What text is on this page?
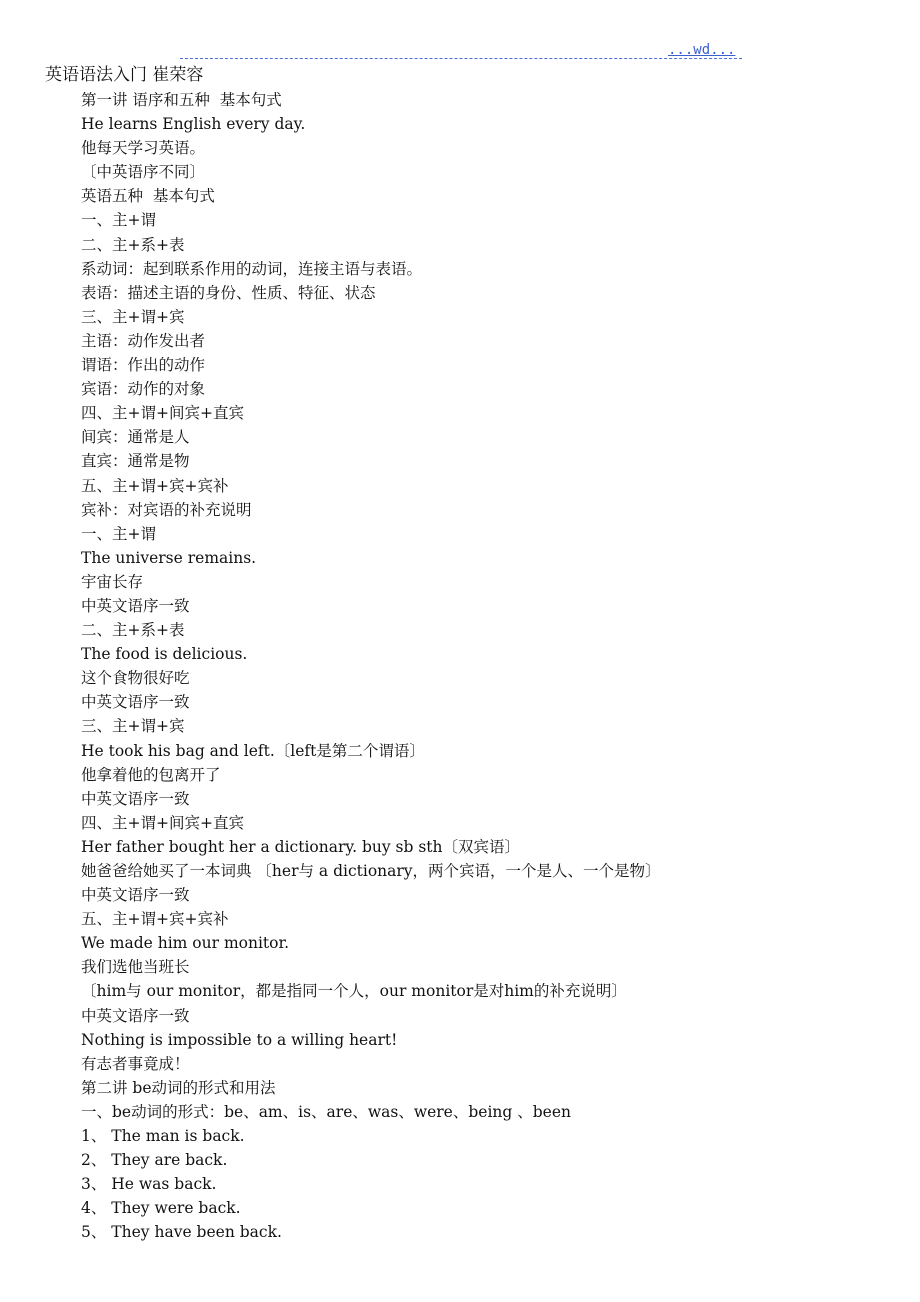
...wd...
英语语法入门 崔荣容
第一讲 语序和五种  基本句式
He learns English every day.
他每天学习英语。
〔中英语序不同〕
英语五种  基本句式
一、主+谓
二、主+系+表
系动词：起到联系作用的动词，连接主语与表语。
表语：描述主语的身份、性质、特征、状态
三、主+谓+宾
主语：动作发出者
谓语：作出的动作
宾语：动作的对象
四、主+谓+间宾+直宾
间宾：通常是人
直宾：通常是物
五、主+谓+宾+宾补
宾补：对宾语的补充说明
一、主+谓
The universe remains.
宇宙长存
中英文语序一致
二、主+系+表
The food is delicious.
这个食物很好吃
中英文语序一致
三、主+谓+宾
He took his bag and left.〔left是第二个谓语〕
他拿着他的包离开了
中英文语序一致
四、主+谓+间宾+直宾
Her father bought her a dictionary. buy sb sth〔双宾语〕
她爸爸给她买了一本词典 〔her与 a dictionary，两个宾语，一个是人、一个是物〕
中英文语序一致
五、主+谓+宾+宾补
We made him our monitor.
我们选他当班长
〔him与 our monitor，都是指同一个人，our monitor是对him的补充说明〕
中英文语序一致
Nothing is impossible to a willing heart!
有志者事竟成！
第二讲 be动词的形式和用法
一、be动词的形式：be、am、is、are、was、were、being 、been
1、 The man is back.
2、 They are back.
3、 He was back.
4、 They were back.
5、 They have been back.
